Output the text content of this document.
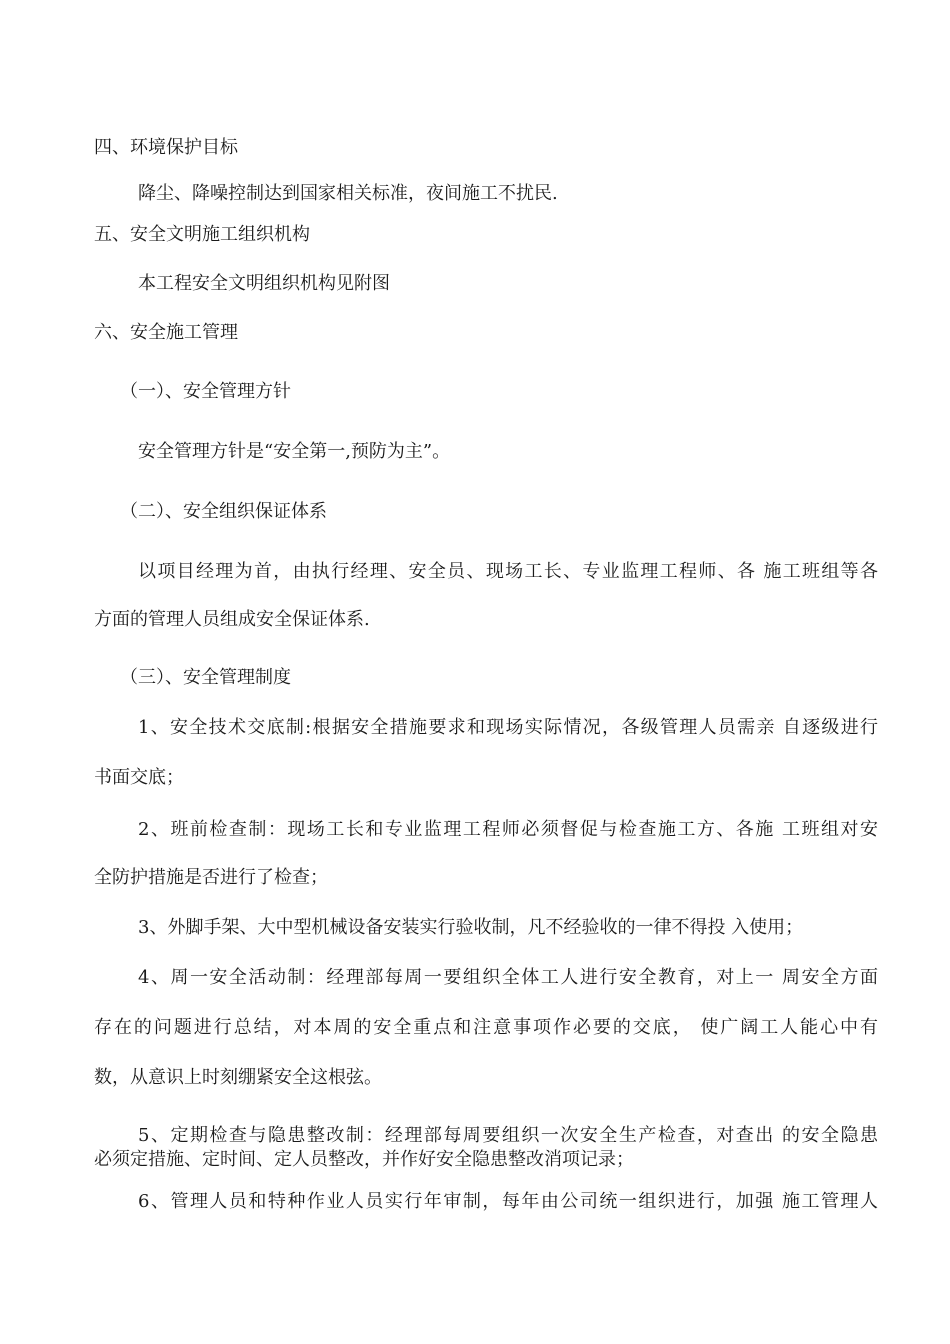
四、环境保护目标
降尘、降噪控制达到国家相关标准，夜间施工不扰民.
五、安全文明施工组织机构
本工程安全文明组织机构见附图
六、安全施工管理
（一）、安全管理方针
安全管理方针是“安全第一,预防为主”。
（二）、安全组织保证体系
以项目经理为首，由执行经理、安全员、现场工长、专业监理工程师、各 施工班组等各
方面的管理人员组成安全保证体系.
（三）、安全管理制度
1、安全技术交底制:根据安全措施要求和现场实际情况，各级管理人员需亲 自逐级进行
书面交底；
2、班前检查制：现场工长和专业监理工程师必须督促与检查施工方、各施 工班组对安
全防护措施是否进行了检查；
3、外脚手架、大中型机械设备安装实行验收制，凡不经验收的一律不得投 入使用；
4、周一安全活动制：经理部每周一要组织全体工人进行安全教育，对上一 周安全方面
存在的问题进行总结，对本周的安全重点和注意事项作必要的交底， 使广阔工人能心中有
数，从意识上时刻绷紧安全这根弦。
5、定期检查与隐患整改制：经理部每周要组织一次安全生产检查，对查出 的安全隐患
必须定措施、定时间、定人员整改，并作好安全隐患整改消项记录；
6、管理人员和特种作业人员实行年审制，每年由公司统一组织进行，加强 施工管理人
